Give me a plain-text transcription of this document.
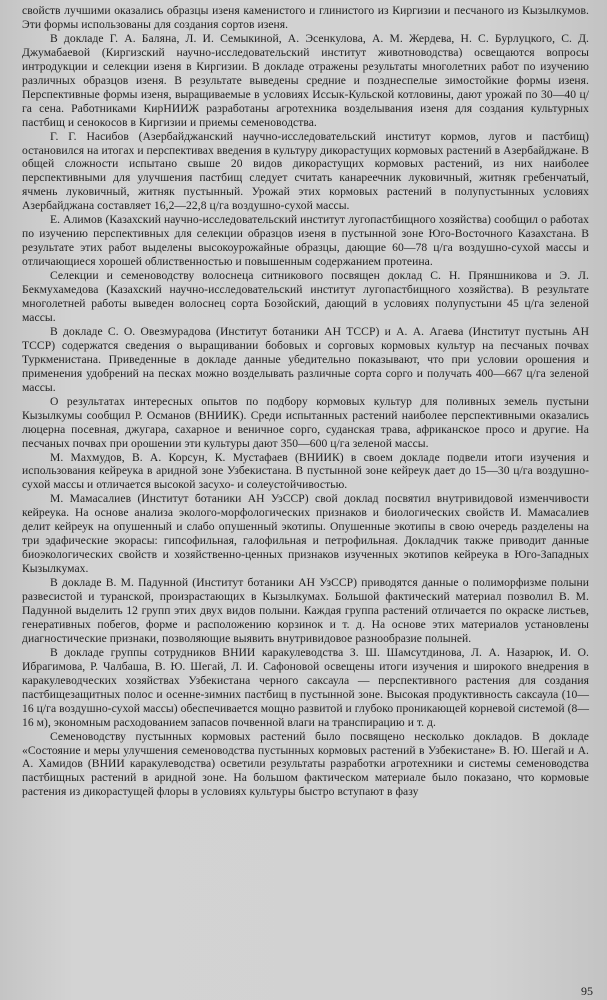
свойств лучшими оказались образцы изеня каменистого и глинистого из Киргизии и песчаного из Кызылкумов. Эти формы использованы для создания сортов изеня.

В докладе Г. А. Баляна, Л. И. Семыкиной, А. Эсенкулова, А. М. Жердева, Н. С. Бурлуцкого, С. Д. Джумабаевой (Киргизский научно-исследовательский институт животноводства) освещаются вопросы интродукции и селекции изеня в Киргизии. В докладе отражены результаты многолетних работ по изучению различных образцов изеня. В результате выведены средние и позднеспелые зимостойкие формы изеня. Перспективные формы изеня, выращиваемые в условиях Иссык-Кульской котловины, дают урожай по 30—40 ц/га сена. Работниками КирНИИЖ разработаны агротехника возделывания изеня для создания культурных пастбищ и сенокосов в Киргизии и приемы семеноводства.

Г. Г. Насибов (Азербайджанский научно-исследовательский институт кормов, лугов и пастбищ) остановился на итогах и перспективах введения в культуру дикорастущих кормовых растений в Азербайджане. В общей сложности испытано свыше 20 видов дикорастущих кормовых растений, из них наиболее перспективными для улучшения пастбищ следует считать канареечник луковичный, житняк гребенчатый, ячмень луковичный, житняк пустынный. Урожай этих кормовых растений в полупустынных условиях Азербайджана составляет 16,2—22,8 ц/га воздушно-сухой массы.

Е. Алимов (Казахский научно-исследовательский институт лугопастбищного хозяйства) сообщил о работах по изучению перспективных для селекции образцов изеня в пустынной зоне Юго-Восточного Казахстана. В результате этих работ выделены высокоурожайные образцы, дающие 60—78 ц/га воздушно-сухой массы и отличающиеся хорошей облиственностью и повышенным содержанием протеина.

Селекции и семеноводству волоснеца ситникового посвящен доклад С. Н. Пряншникова и Э. Л. Бекмухамедова (Казахский научно-исследовательский институт лугопастбищного хозяйства). В результате многолетней работы выведен волоснец сорта Бозойский, дающий в условиях полупустыни 45 ц/га зеленой массы.

В докладе С. О. Овезмурадова (Институт ботаники АН ТССР) и А. А. Агаева (Институт пустынь АН ТССР) содержатся сведения о выращивании бобовых и сорговых кормовых культур на песчаных почвах Туркменистана. Приведенные в докладе данные убедительно показывают, что при условии орошения и применения удобрений на песках можно возделывать различные сорта сорго и получать 400—667 ц/га зеленой массы.

О результатах интересных опытов по подбору кормовых культур для поливных земель пустыни Кызылкумы сообщил Р. Османов (ВНИИК). Среди испытанных растений наиболее перспективными оказались люцерна посевная, джугара, сахарное и веничное сорго, суданская трава, африканское просо и другие. На песчаных почвах при орошении эти культуры дают 350—600 ц/га зеленой массы.

М. Махмудов, В. А. Корсун, К. Мустафаев (ВНИИК) в своем докладе подвели итоги изучения и использования кейреука в аридной зоне Узбекистана. В пустынной зоне кейреук дает до 15—30 ц/га воздушно-сухой массы и отличается высокой засухо- и солеустойчивостью.

М. Мамасалиев (Институт ботаники АН УзССР) свой доклад посвятил внутривидовой изменчивости кейреука. На основе анализа эколого-морфологических признаков и биологических свойств И. Мамасалиев делит кейреук на опушенный и слабо опушенный экотипы. Опушенные экотипы в свою очередь разделены на три эдафические экорасы: гипсофильная, галофильная и петрофильная. Докладчик также приводит данные биоэкологических свойств и хозяйственно-ценных признаков изученных экотипов кейреука в Юго-Западных Кызылкумах.

В докладе В. М. Падунной (Институт ботаники АН УзССР) приводятся данные о полиморфизме полыни развесистой и туранской, произрастающих в Кызылкумах. Большой фактический материал позволил В. М. Падунной выделить 12 групп этих двух видов полыни. Каждая группа растений отличается по окраске листьев, генеративных побегов, форме и расположению корзинок и т. д. На основе этих материалов установлены диагностические признаки, позволяющие выявить внутривидовое разнообразие полыней.

В докладе группы сотрудников ВНИИ каракулеводства З. Ш. Шамсутдинова, Л. А. Назарюк, И. О. Ибрагимова, Р. Чалбаша, В. Ю. Шегай, Л. И. Сафоновой освещены итоги изучения и широкого внедрения в каракулеводческих хозяйствах Узбекистана черного саксаула — перспективного растения для создания пастбищезащитных полос и осенне-зимних пастбищ в пустынной зоне. Высокая продуктивность саксаула (10—16 ц/га воздушно-сухой массы) обеспечивается мощно развитой и глубоко проникающей корневой системой (8—16 м), экономным расходованием запасов почвенной влаги на транспирацию и т. д.

Семеноводству пустынных кормовых растений было посвящено несколько докладов. В докладе «Состояние и меры улучшения семеноводства пустынных кормовых растений в Узбекистане» В. Ю. Шегай и А. А. Хамидов (ВНИИ каракулеводства) осветили результаты разработки агротехники и системы семеноводства пастбищных растений в аридной зоне. На большом фактическом материале было показано, что кормовые растения из дикорастущей флоры в условиях культуры быстро вступают в фазу

95
